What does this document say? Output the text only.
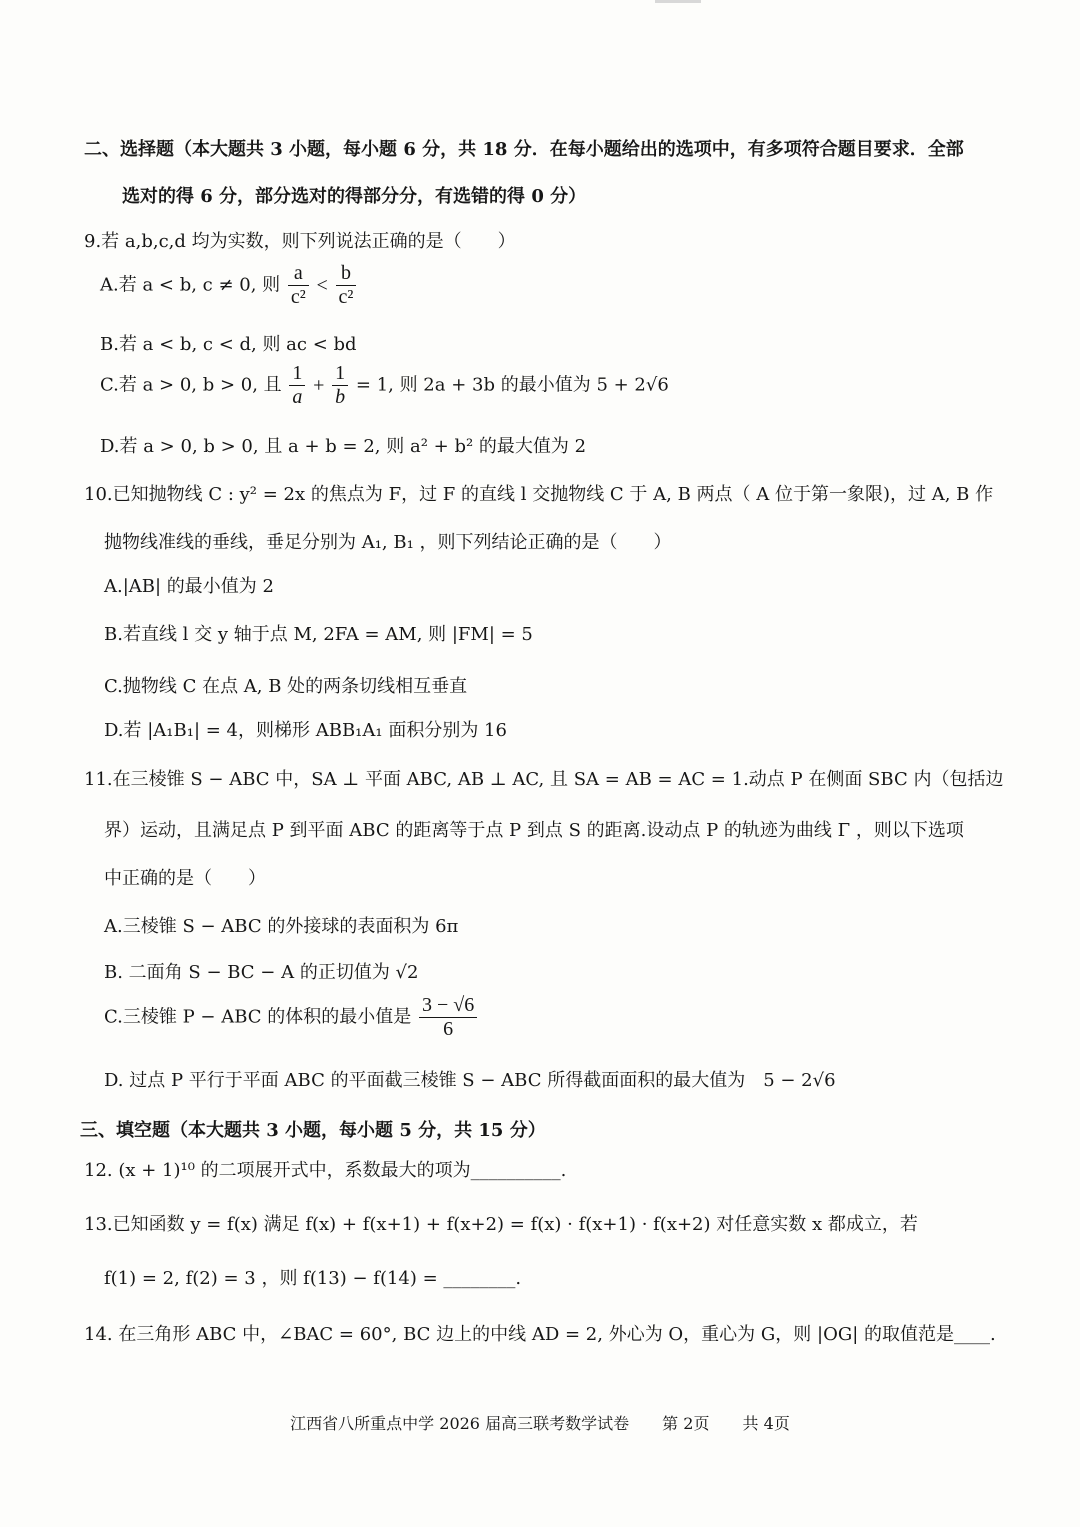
二、选择题（本大题共 3 小题，每小题 6 分，共 18 分．在每小题给出的选项中，有多项符合题目要求．全部
选对的得 6 分，部分选对的得部分分，有选错的得 0 分）
9.若 a,b,c,d 均为实数，则下列说法正确的是（　　）
A.若 a < b, c ≠ 0, 则 $\frac{a}{\text{c²}} < \frac{b}{\text{c²}}$
B.若 a < b, c < d, 则 ac < bd
C.若 a > 0, b > 0, 且 $\frac{1}{a} + \frac{1}{b} = 1$, 则 2a + 3b 的最小值为 5 + 2√6
D.若 a > 0, b > 0, 且 a + b = 2, 则 a² + b² 的最大值为 2
10.已知抛物线 C : y² = 2x 的焦点为 F，过 F 的直线 l 交抛物线 C 于 A, B 两点（ A 位于第一象限)，过 A, B 作
抛物线准线的垂线，垂足分别为 A₁, B₁ ，则下列结论正确的是（　　）
A.|AB| 的最小值为 2
B.若直线 l 交 y 轴于点 M, 2FA = AM, 则 |FM| = 5
C.抛物线 C 在点 A, B 处的两条切线相互垂直
D.若 |A₁B₁| = 4，则梯形 ABB₁A₁ 面积分别为 16
11.在三棱锥 S − ABC 中，SA ⊥ 平面 ABC, AB ⊥ AC, 且 SA = AB = AC = 1.动点 P 在侧面 SBC 内（包括边
界）运动，且满足点 P 到平面 ABC 的距离等于点 P 到点 S 的距离.设动点 P 的轨迹为曲线 Γ ，则以下选项
中正确的是（　　）
A.三棱锥 S − ABC 的外接球的表面积为 6π
B. 二面角 S − BC − A 的正切值为 √2
C.三棱锥 P − ABC 的体积的最小值是 $\frac{3 - √6}{6}$
D. 过点 P 平行于平面 ABC 的平面截三棱锥 S − ABC 所得截面面积的最大值为　5 − 2√6
三、填空题（本大题共 3 小题，每小题 5 分，共 15 分）
12. (x + 1)¹⁰ 的二项展开式中，系数最大的项为__________.
13.已知函数 y = f(x) 满足 f(x) + f(x+1) + f(x+2) = f(x) · f(x+1) · f(x+2) 对任意实数 x 都成立，若
f(1) = 2, f(2) = 3 ，则 f(13) − f(14) = ________.
14. 在三角形 ABC 中，∠BAC = 60°, BC 边上的中线 AD = 2, 外心为 O，重心为 G，则 |OG| 的取值范是____.
江西省八所重点中学 2026 届高三联考数学试卷 第 2页 共 4页
